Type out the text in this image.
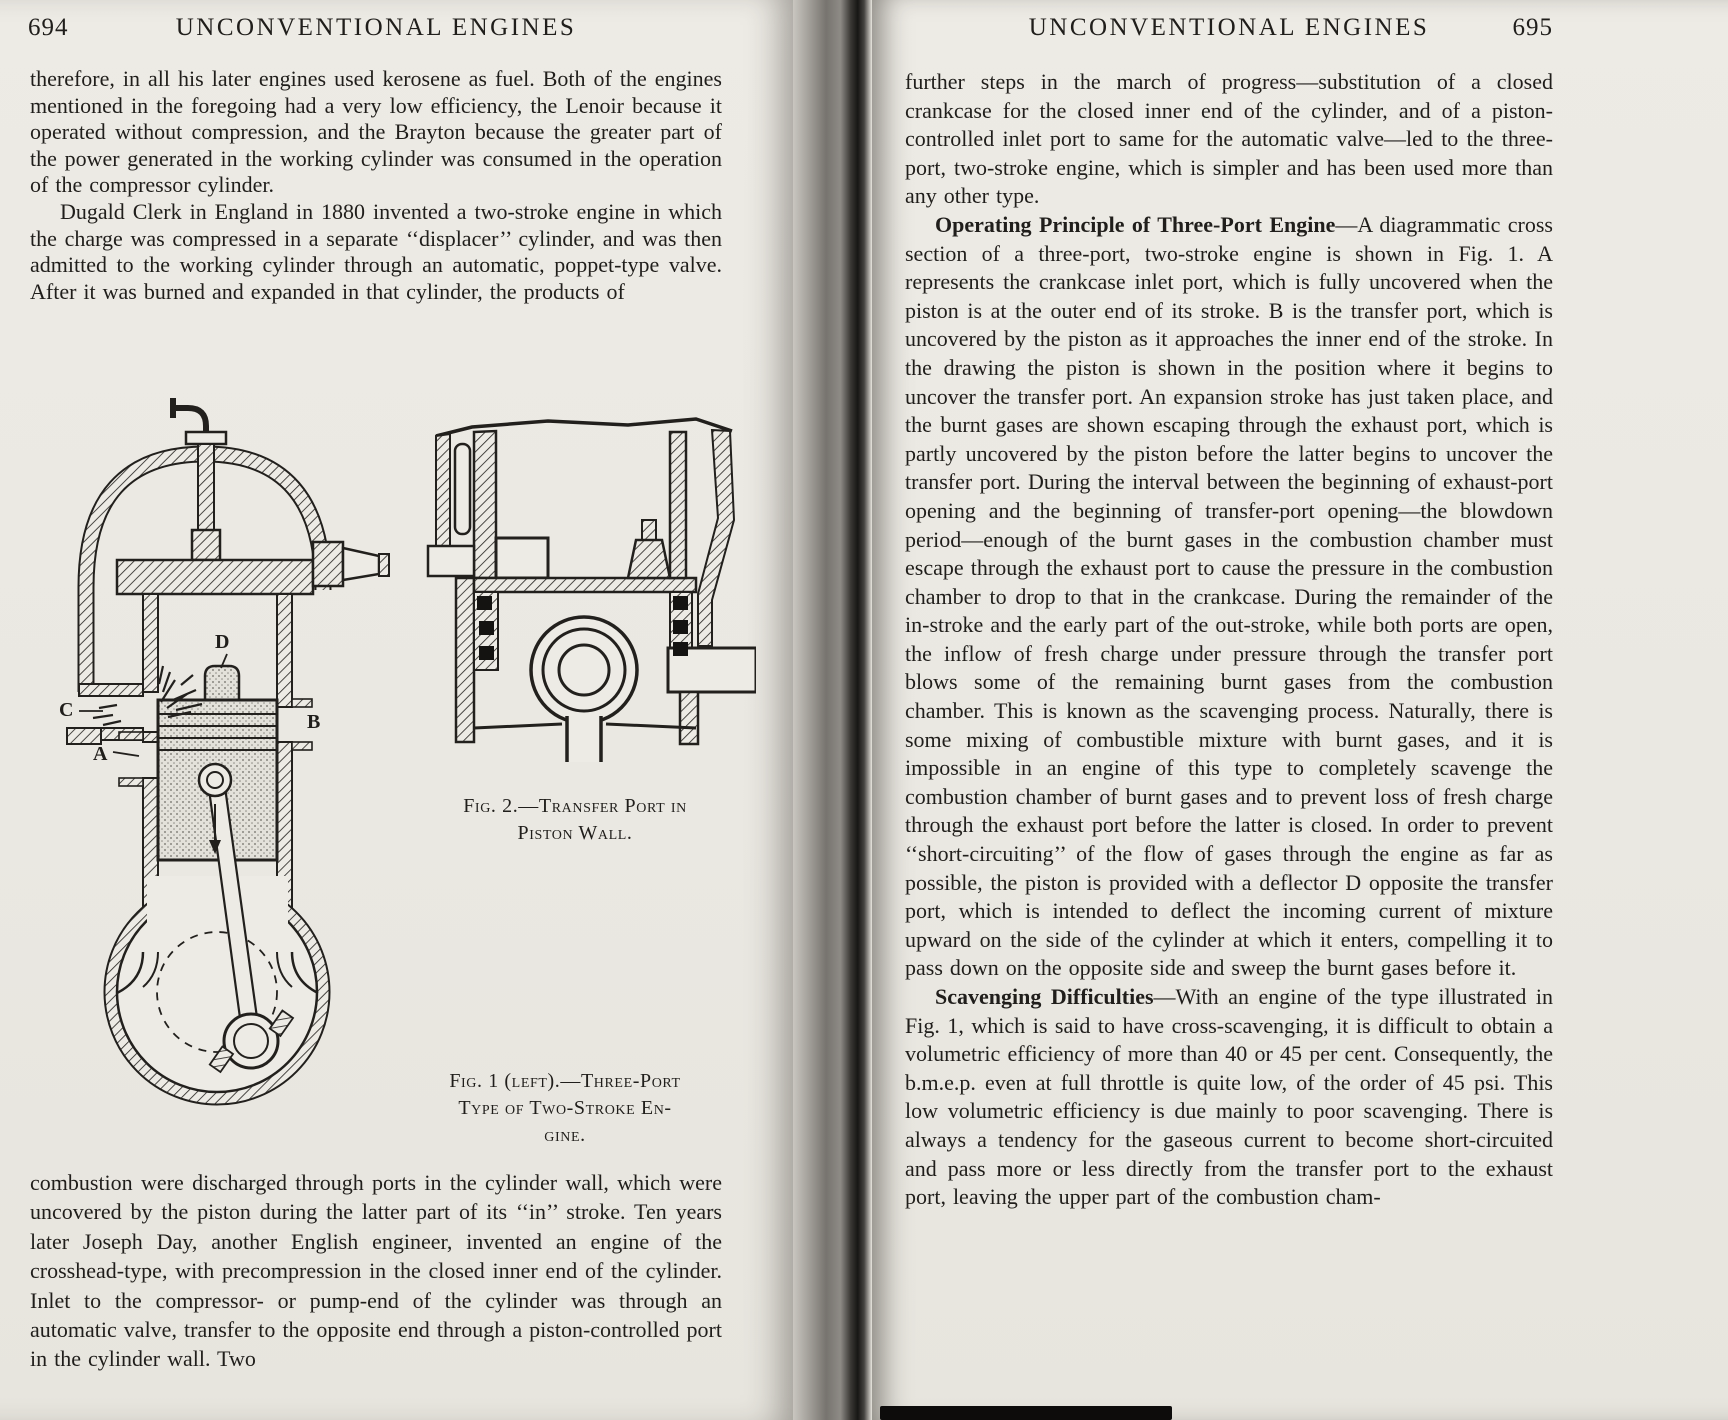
694	UNCONVENTIONAL ENGINES

therefore, in all his later engines used kerosene as fuel. Both of the engines mentioned in the foregoing had a very low efficiency, the Lenoir because it operated without compression, and the Brayton because the greater part of the power generated in the working cylinder was consumed in the operation of the compressor cylinder.

Dugald Clerk in England in 1880 invented a two-stroke engine in which the charge was compressed in a separate ‘‘displacer’’ cylinder, and was then admitted to the working cylinder through an automatic, poppet-type valve. After it was burned and expanded in that cylinder, the products of

D
C
B
A
Fig. 2.—Transfer Port in
Piston Wall.
Fig. 1 (left).—Three-Port
Type of Two-Stroke En-
gine.

combustion were discharged through ports in the cylinder wall, which were uncovered by the piston during the latter part of its ‘‘in’’ stroke. Ten years later Joseph Day, another English engineer, invented an engine of the crosshead-type, with precompression in the closed inner end of the cylinder. Inlet to the compressor- or pump-end of the cylinder was through an automatic valve, transfer to the opposite end through a piston-controlled port in the cylinder wall. Two

UNCONVENTIONAL ENGINES	695

further steps in the march of progress—substitution of a closed crankcase for the closed inner end of the cylinder, and of a piston-controlled inlet port to same for the automatic valve—led to the three-port, two-stroke engine, which is simpler and has been used more than any other type.

Operating Principle of Three-Port Engine—A diagrammatic cross section of a three-port, two-stroke engine is shown in Fig. 1. A represents the crankcase inlet port, which is fully uncovered when the piston is at the outer end of its stroke. B is the transfer port, which is uncovered by the piston as it approaches the inner end of the stroke. In the drawing the piston is shown in the position where it begins to uncover the transfer port. An expansion stroke has just taken place, and the burnt gases are shown escaping through the exhaust port, which is partly uncovered by the piston before the latter begins to uncover the transfer port. During the interval between the beginning of exhaust-port opening and the beginning of transfer-port opening—the blowdown period—enough of the burnt gases in the combustion chamber must escape through the exhaust port to cause the pressure in the combustion chamber to drop to that in the crankcase. During the remainder of the in-stroke and the early part of the out-stroke, while both ports are open, the inflow of fresh charge under pressure through the transfer port blows some of the remaining burnt gases from the combustion chamber. This is known as the scavenging process. Naturally, there is some mixing of combustible mixture with burnt gases, and it is impossible in an engine of this type to completely scavenge the combustion chamber of burnt gases and to prevent loss of fresh charge through the exhaust port before the latter is closed. In order to prevent ‘‘short-circuiting’’ of the flow of gases through the engine as far as possible, the piston is provided with a deflector D opposite the transfer port, which is intended to deflect the incoming current of mixture upward on the side of the cylinder at which it enters, compelling it to pass down on the opposite side and sweep the burnt gases before it.

Scavenging Difficulties—With an engine of the type illustrated in Fig. 1, which is said to have cross-scavenging, it is difficult to obtain a volumetric efficiency of more than 40 or 45 per cent. Consequently, the b.m.e.p. even at full throttle is quite low, of the order of 45 psi. This low volumetric efficiency is due mainly to poor scavenging. There is always a tendency for the gaseous current to become short-circuited and pass more or less directly from the transfer port to the exhaust port, leaving the upper part of the combustion cham-
